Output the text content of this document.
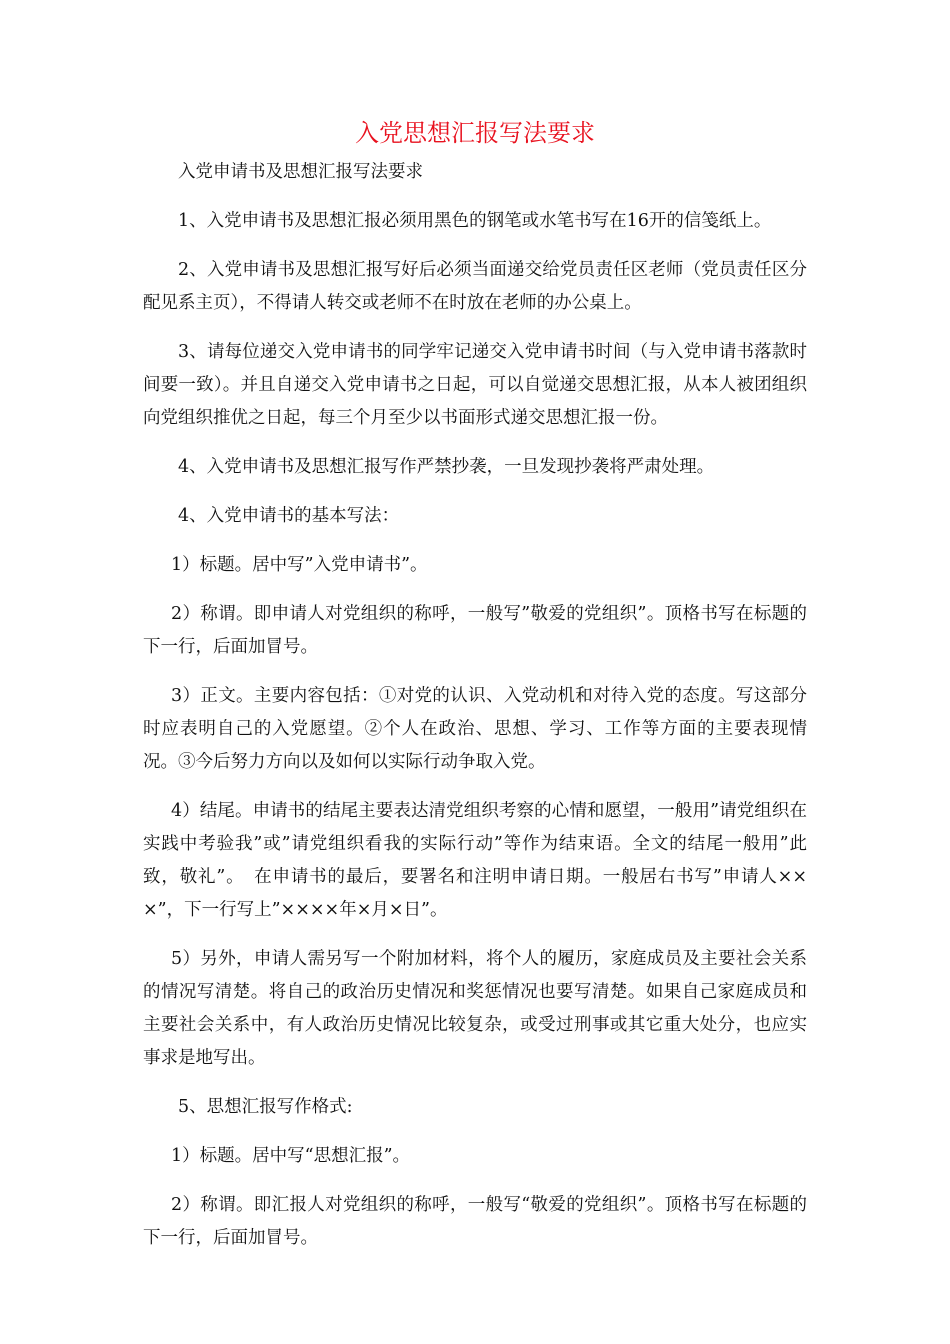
入党思想汇报写法要求

入党申请书及思想汇报写法要求

1、入党申请书及思想汇报必须用黑色的钢笔或水笔书写在16开的信笺纸上。

2、入党申请书及思想汇报写好后必须当面递交给党员责任区老师（党员责任区分配见系主页），不得请人转交或老师不在时放在老师的办公桌上。

3、请每位递交入党申请书的同学牢记递交入党申请书时间（与入党申请书落款时间要一致）。并且自递交入党申请书之日起，可以自觉递交思想汇报，从本人被团组织向党组织推优之日起，每三个月至少以书面形式递交思想汇报一份。

4、入党申请书及思想汇报写作严禁抄袭，一旦发现抄袭将严肃处理。

4、入党申请书的基本写法：

1）标题。居中写”入党申请书”。

2）称谓。即申请人对党组织的称呼，一般写”敬爱的党组织”。顶格书写在标题的下一行，后面加冒号。

3）正文。主要内容包括：①对党的认识、入党动机和对待入党的态度。写这部分时应表明自己的入党愿望。②个人在政治、思想、学习、工作等方面的主要表现情况。③今后努力方向以及如何以实际行动争取入党。

4）结尾。申请书的结尾主要表达清党组织考察的心情和愿望，一般用”请党组织在实践中考验我”或”请党组织看我的实际行动”等作为结束语。全文的结尾一般用”此致，敬礼”。　在申请书的最后，要署名和注明申请日期。一般居右书写”申请人×××”，下一行写上”××××年×月×日”。

5）另外，申请人需另写一个附加材料，将个人的履历，家庭成员及主要社会关系的情况写清楚。将自己的政治历史情况和奖惩情况也要写清楚。如果自己家庭成员和主要社会关系中，有人政治历史情况比较复杂，或受过刑事或其它重大处分，也应实事求是地写出。

5、思想汇报写作格式:

1）标题。居中写“思想汇报”。

2）称谓。即汇报人对党组织的称呼，一般写“敬爱的党组织”。顶格书写在标题的下一行，后面加冒号。
